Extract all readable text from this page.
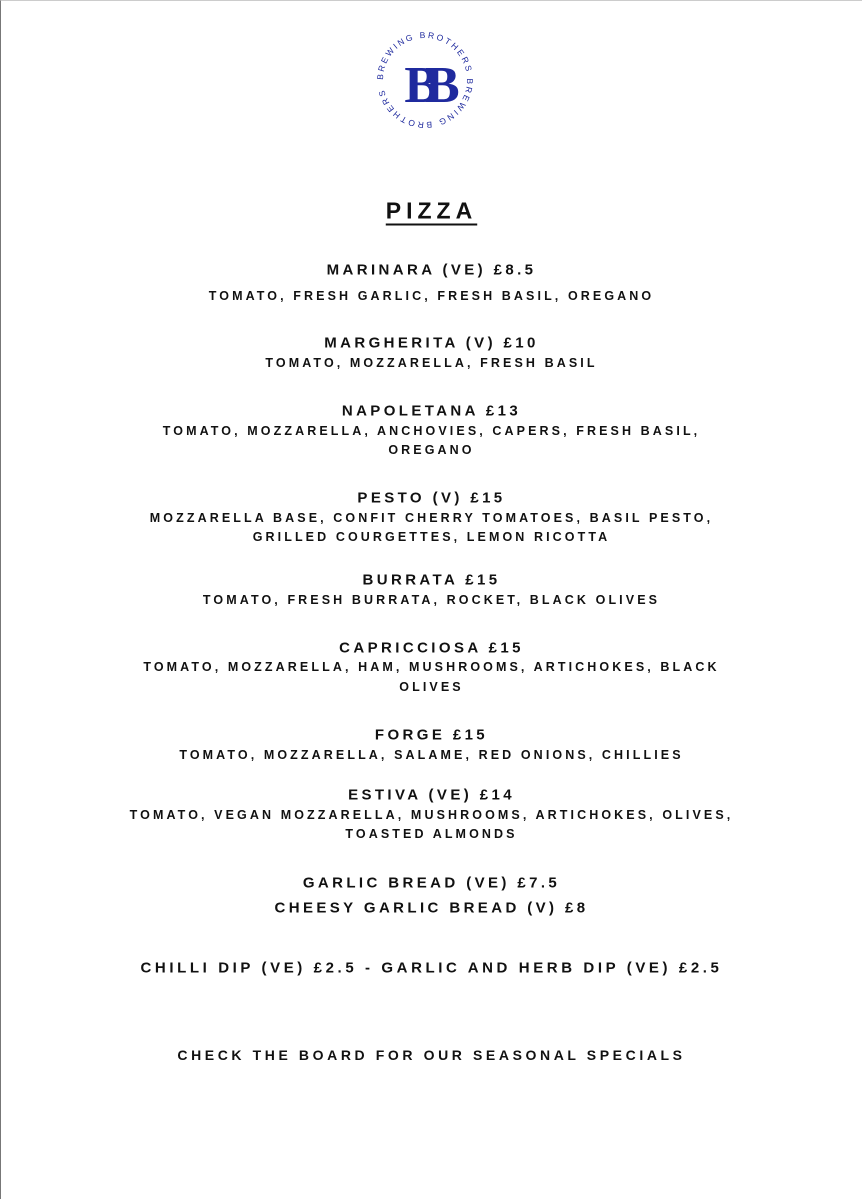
BREWING BROTHERS BREWING BROTHERS BB
PIZZA
MARINARA (VE) £8.5
TOMATO, FRESH GARLIC, FRESH BASIL, OREGANO
MARGHERITA (V) £10
TOMATO, MOZZARELLA, FRESH BASIL
NAPOLETANA £13
TOMATO, MOZZARELLA, ANCHOVIES, CAPERS, FRESH BASIL,
OREGANO
PESTO (V) £15
MOZZARELLA BASE, CONFIT CHERRY TOMATOES, BASIL PESTO,
GRILLED COURGETTES, LEMON RICOTTA
BURRATA £15
TOMATO, FRESH BURRATA, ROCKET, BLACK OLIVES
CAPRICCIOSA £15
TOMATO, MOZZARELLA, HAM, MUSHROOMS, ARTICHOKES, BLACK
OLIVES
FORGE £15
TOMATO, MOZZARELLA, SALAME, RED ONIONS, CHILLIES
ESTIVA (VE) £14
TOMATO, VEGAN MOZZARELLA, MUSHROOMS, ARTICHOKES, OLIVES,
TOASTED ALMONDS
GARLIC BREAD (VE) £7.5
CHEESY GARLIC BREAD (V) £8
CHILLI DIP (VE) £2.5 - GARLIC AND HERB DIP (VE) £2.5
CHECK THE BOARD FOR OUR SEASONAL SPECIALS
